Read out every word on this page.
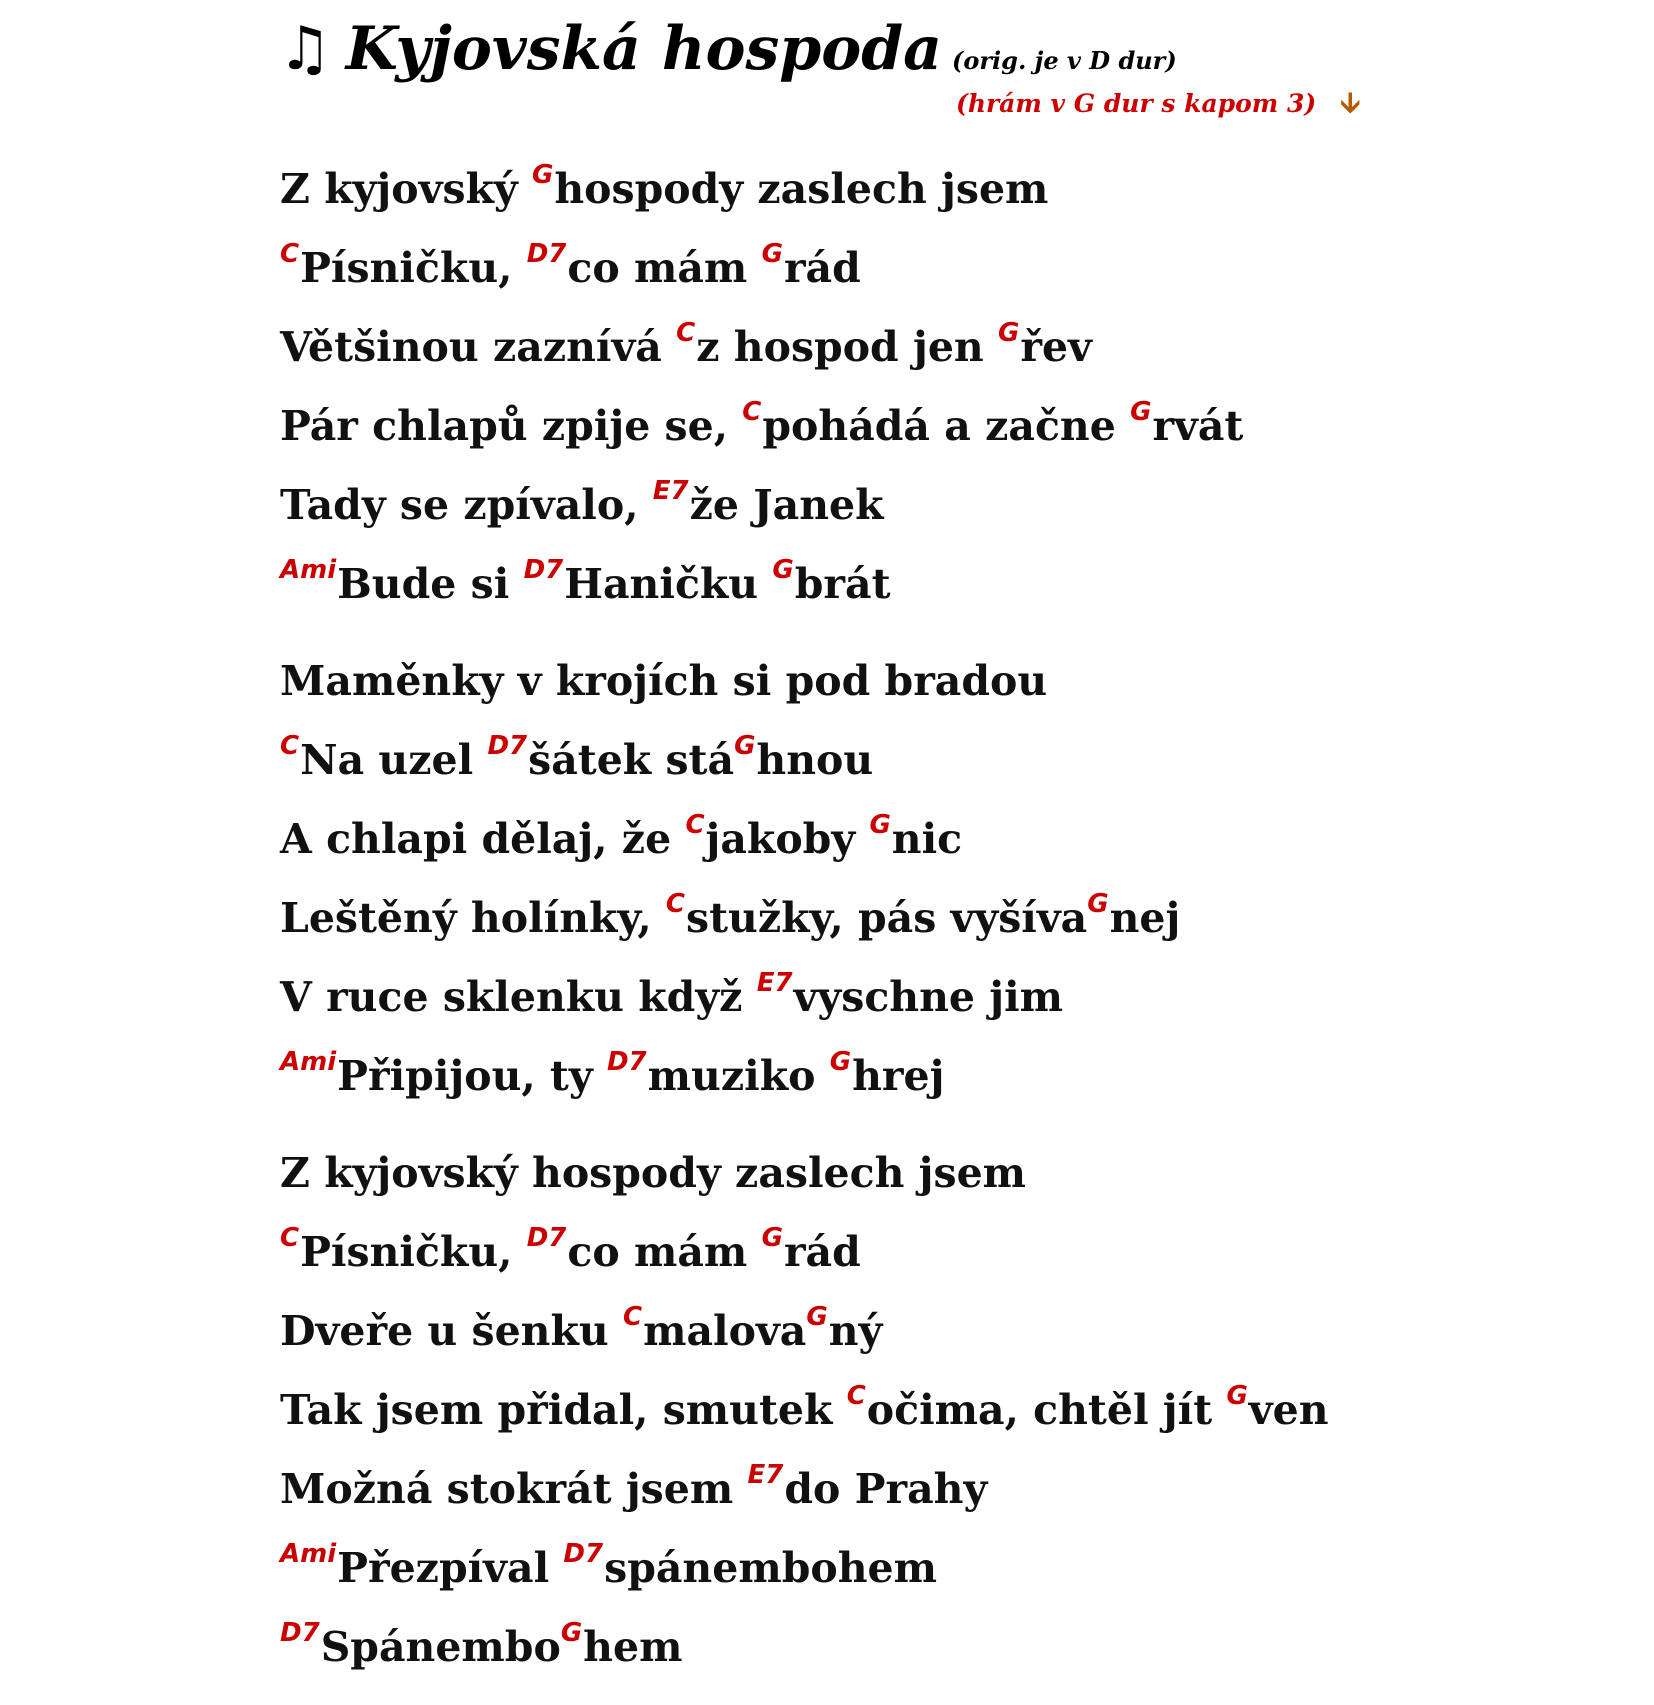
♫ Kyjovská hospoda (orig. je v D dur)
(hrám v G dur s kapom 3) 🡫
Z kyjovský $^G$hospody zaslech jsem
$^C$Písničku, $^{D7}$co mám $^G$rád
Většinou zaznívá $^C$z hospod jen $^G$řev
Pár chlapů zpije se, $^C$pohádá a začne $^G$rvát
Tady se zpívalo, $^{E7}$že Janek
$^{Ami}$Bude si $^{D7}$Haničku $^G$brát
Maměnky v krojích si pod bradou
$^C$Na uzel $^{D7}$šátek stá$^G$hnou
A chlapi dělaj, že $^C$jakoby $^G$nic
Leštěný holínky, $^C$stužky, pás vyšíva$^G$nej
V ruce sklenku když $^{E7}$vyschne jim
$^{Ami}$Připijou, ty $^{D7}$muziko $^G$hrej
Z kyjovský hospody zaslech jsem
$^C$Písničku, $^{D7}$co mám $^G$rád
Dveře u šenku $^C$malova$^G$ný
Tak jsem přidal, smutek $^C$očima, chtěl jít $^G$ven
Možná stokrát jsem $^{E7}$do Prahy
$^{Ami}$Přezpíval $^{D7}$spánembohem
$^{D7}$Spánembo$^G$hem
